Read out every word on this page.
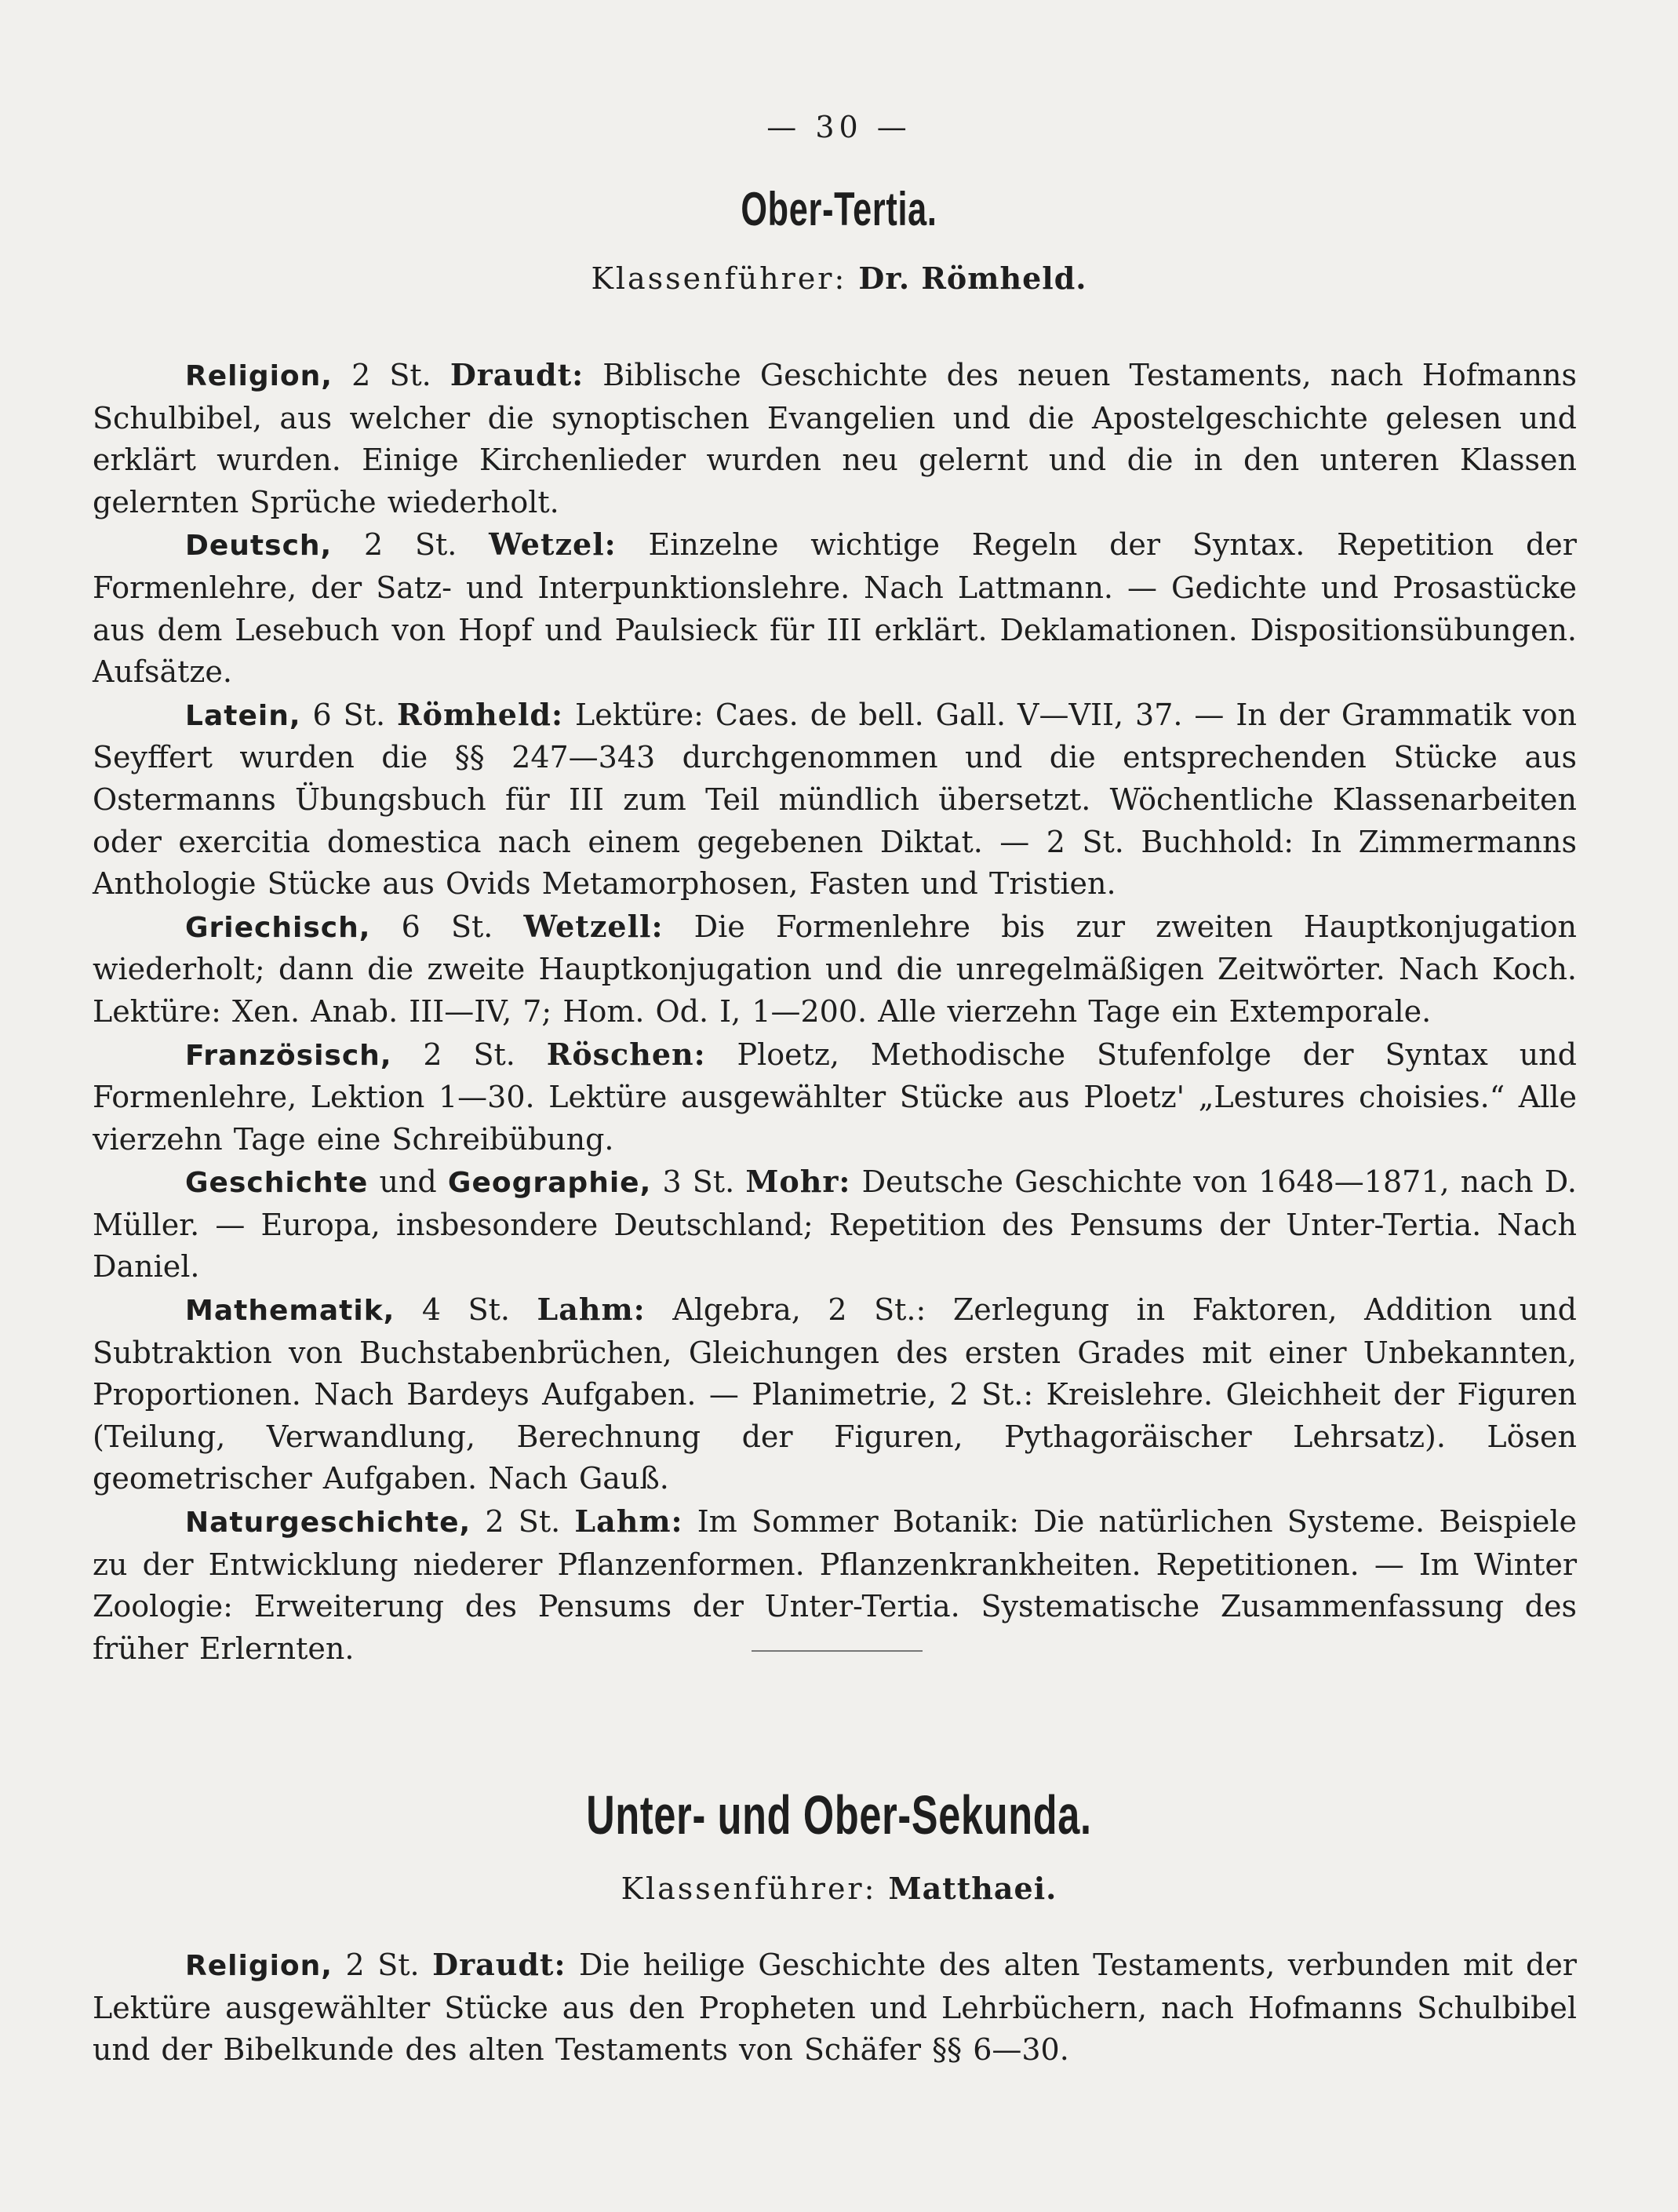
— 30 —
Ober-Tertia.
Klassenführer: Dr. Römheld.

Religion, 2 St. Draudt: Biblische Geschichte des neuen Testaments, nach Hofmanns Schulbibel, aus welcher die synoptischen Evangelien und die Apostelgeschichte gelesen und erklärt wurden. Einige Kirchenlieder wurden neu gelernt und die in den unteren Klassen gelernten Sprüche wiederholt.

Deutsch, 2 St. Wetzel: Einzelne wichtige Regeln der Syntax. Repetition der Formenlehre, der Satz- und Interpunktionslehre. Nach Lattmann. — Gedichte und Prosastücke aus dem Lesebuch von Hopf und Paulsieck für III erklärt. Deklamationen. Dispositionsübungen. Aufsätze.

Latein, 6 St. Römheld: Lektüre: Caes. de bell. Gall. V—VII, 37. — In der Grammatik von Seyffert wurden die §§ 247—343 durchgenommen und die entsprechenden Stücke aus Ostermanns Übungsbuch für III zum Teil mündlich übersetzt. Wöchentliche Klassenarbeiten oder exercitia domestica nach einem gegebenen Diktat. — 2 St. Buchhold: In Zimmermanns Anthologie Stücke aus Ovids Metamorphosen, Fasten und Tristien.

Griechisch, 6 St. Wetzell: Die Formenlehre bis zur zweiten Hauptkonjugation wiederholt; dann die zweite Hauptkonjugation und die unregelmäßigen Zeitwörter. Nach Koch. Lektüre: Xen. Anab. III—IV, 7; Hom. Od. I, 1—200. Alle vierzehn Tage ein Extemporale.

Französisch, 2 St. Röschen: Ploetz, Methodische Stufenfolge der Syntax und Formenlehre, Lektion 1—30. Lektüre ausgewählter Stücke aus Ploetz' „Lestures choisies.“ Alle vierzehn Tage eine Schreibübung.

Geschichte und Geographie, 3 St. Mohr: Deutsche Geschichte von 1648—1871, nach D. Müller. — Europa, insbesondere Deutschland; Repetition des Pensums der Unter-Tertia. Nach Daniel.

Mathematik, 4 St. Lahm: Algebra, 2 St.: Zerlegung in Faktoren, Addition und Subtraktion von Buchstabenbrüchen, Gleichungen des ersten Grades mit einer Unbekannten, Proportionen. Nach Bardeys Aufgaben. — Planimetrie, 2 St.: Kreislehre. Gleichheit der Figuren (Teilung, Verwandlung, Berechnung der Figuren, Pythagoräischer Lehrsatz). Lösen geometrischer Aufgaben. Nach Gauß.

Naturgeschichte, 2 St. Lahm: Im Sommer Botanik: Die natürlichen Systeme. Beispiele zu der Entwicklung niederer Pflanzenformen. Pflanzenkrankheiten. Repetitionen. — Im Winter Zoologie: Erweiterung des Pensums der Unter-Tertia. Systematische Zusammenfassung des früher Erlernten.

Unter- und Ober-Sekunda.
Klassenführer: Matthaei.

Religion, 2 St. Draudt: Die heilige Geschichte des alten Testaments, verbunden mit der Lektüre ausgewählter Stücke aus den Propheten und Lehrbüchern, nach Hofmanns Schulbibel und der Bibelkunde des alten Testaments von Schäfer §§ 6—30.
